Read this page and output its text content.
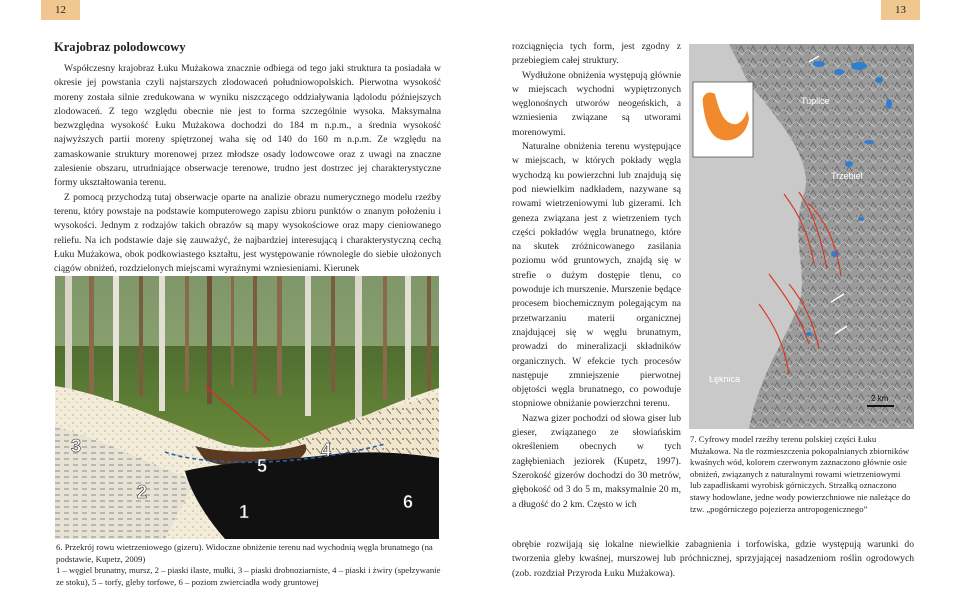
12	13
Krajobraz polodowcowy

Współczesny krajobraz Łuku Mużakowa znacznie odbiega od tego jaki struktura ta posiadała w okresie jej powstania czyli najstarszych zlodowaceń południowopolskich. Pierwotna wysokość moreny została silnie zredukowana w wyniku niszczącego oddziaływania lądolodu późniejszych zlodowaceń. Z tego względu obecnie nie jest to forma szczególnie wysoka. Maksymalna bezwzględna wysokość Łuku Mużakowa dochodzi do 184 m n.p.m., a średnia wysokość najwyższych partii moreny spiętrzonej waha się od 140 do 160 m n.p.m. Ze względu na zamaskowanie struktury morenowej przez młodsze osady lodowcowe oraz z uwagi na znaczne zalesienie obszaru, utrudniające obserwacje terenowe, trudno jest dostrzec jej charakterystyczne formy ukształtowania terenu.

Z pomocą przychodzą tutaj obserwacje oparte na analizie obrazu numerycznego modelu rzeźby terenu, który powstaje na podstawie komputerowego zapisu zbioru punktów o znanym położeniu i wysokości. Jednym z rodzajów takich obrazów są mapy wysokościowe oraz mapy cieniowanego reliefu. Na ich podstawie daje się zauważyć, że najbardziej interesującą i charakterystyczną cechą Łuku Mużakowa, obok podkowiastego kształtu, jest występowanie równolegle do siebie ułożonych ciągów obniżeń, rozdzielonych miejscami wyraźnymi wzniesieniami. Kierunek

1
2
3	4
5
6
6. Przekrój rowu wietrzeniowego (gizeru). Widoczne obniżenie terenu nad wychodnią węgla brunatnego (na podstawie, Kupetz, 2009)
1 – węgiel brunatny, mursz, 2 – piaski ilaste, mułki, 3 – piaski drobnoziarniste, 4 – piaski i żwiry (spełzywanie ze stoku), 5 – torfy, gleby torfowe, 6 – poziom zwierciadła wody gruntowej

rozciągnięcia tych form, jest zgodny z przebiegiem całej struktury.

Wydłużone obniżenia występują głównie w miejscach wychodni wypiętrzonych węglonośnych utworów neogeńskich, a wzniesienia związane są utworami morenowymi.

Naturalne obniżenia terenu występujące w miejscach, w których pokłady węgla wychodzą ku powierzchni lub znajdują się pod niewielkim nadkładem, nazywane są rowami wietrzeniowymi lub gizerami. Ich geneza związana jest z wietrzeniem tych części pokładów węgla brunatnego, które na skutek zróżnicowanego zasilania poziomu wód gruntowych, znajdą się w strefie o dużym dostępie tlenu, co powoduje ich murszenie. Murszenie będące procesem biochemicznym polegającym na przetwarzaniu materii organicznej znajdującej się w węglu brunatnym, prowadzi do mineralizacji składników organicznych. W efekcie tych procesów następuje zmniejszenie pierwotnej objętości węgla brunatnego, co powoduje stopniowe obniżanie powierzchni terenu.

Nazwa gizer pochodzi od słowa giser lub gieser, związanego ze słowiańskim określeniem obecnych w tych zagłębieniach jeziorek (Kupetz, 1997). Szerokość gizerów dochodzi do 30 metrów, głębokość od 3 do 5 m, maksymalnie 20 m, a długość do 2 km. Często w ich

Tuplice
Trzebiel
Łęknica
2 km

7. Cyfrowy model rzeźby terenu polskiej części Łuku Mużakowa. Na tle rozmieszczenia pokopalnianych zbiorników kwaśnych wód, kolorem czerwonym zaznaczono głównie osie obniżeń, związanych z naturalnymi rowami wietrzeniowymi lub zapadliskami wyrobisk górniczych. Strzałką oznaczono stawy hodowlane, jedne wody powierzchniowe nie należące do tzw. „pogórniczego pojezierza antropogenicznego”

obrębie rozwijają się lokalne niewielkie zabagnienia i torfowiska, gdzie występują warunki do tworzenia gleby kwaśnej, murszowej lub próchnicznej, sprzyjającej nasadzeniom roślin ogrodowych (zob. rozdział Przyroda Łuku Mużakowa).
